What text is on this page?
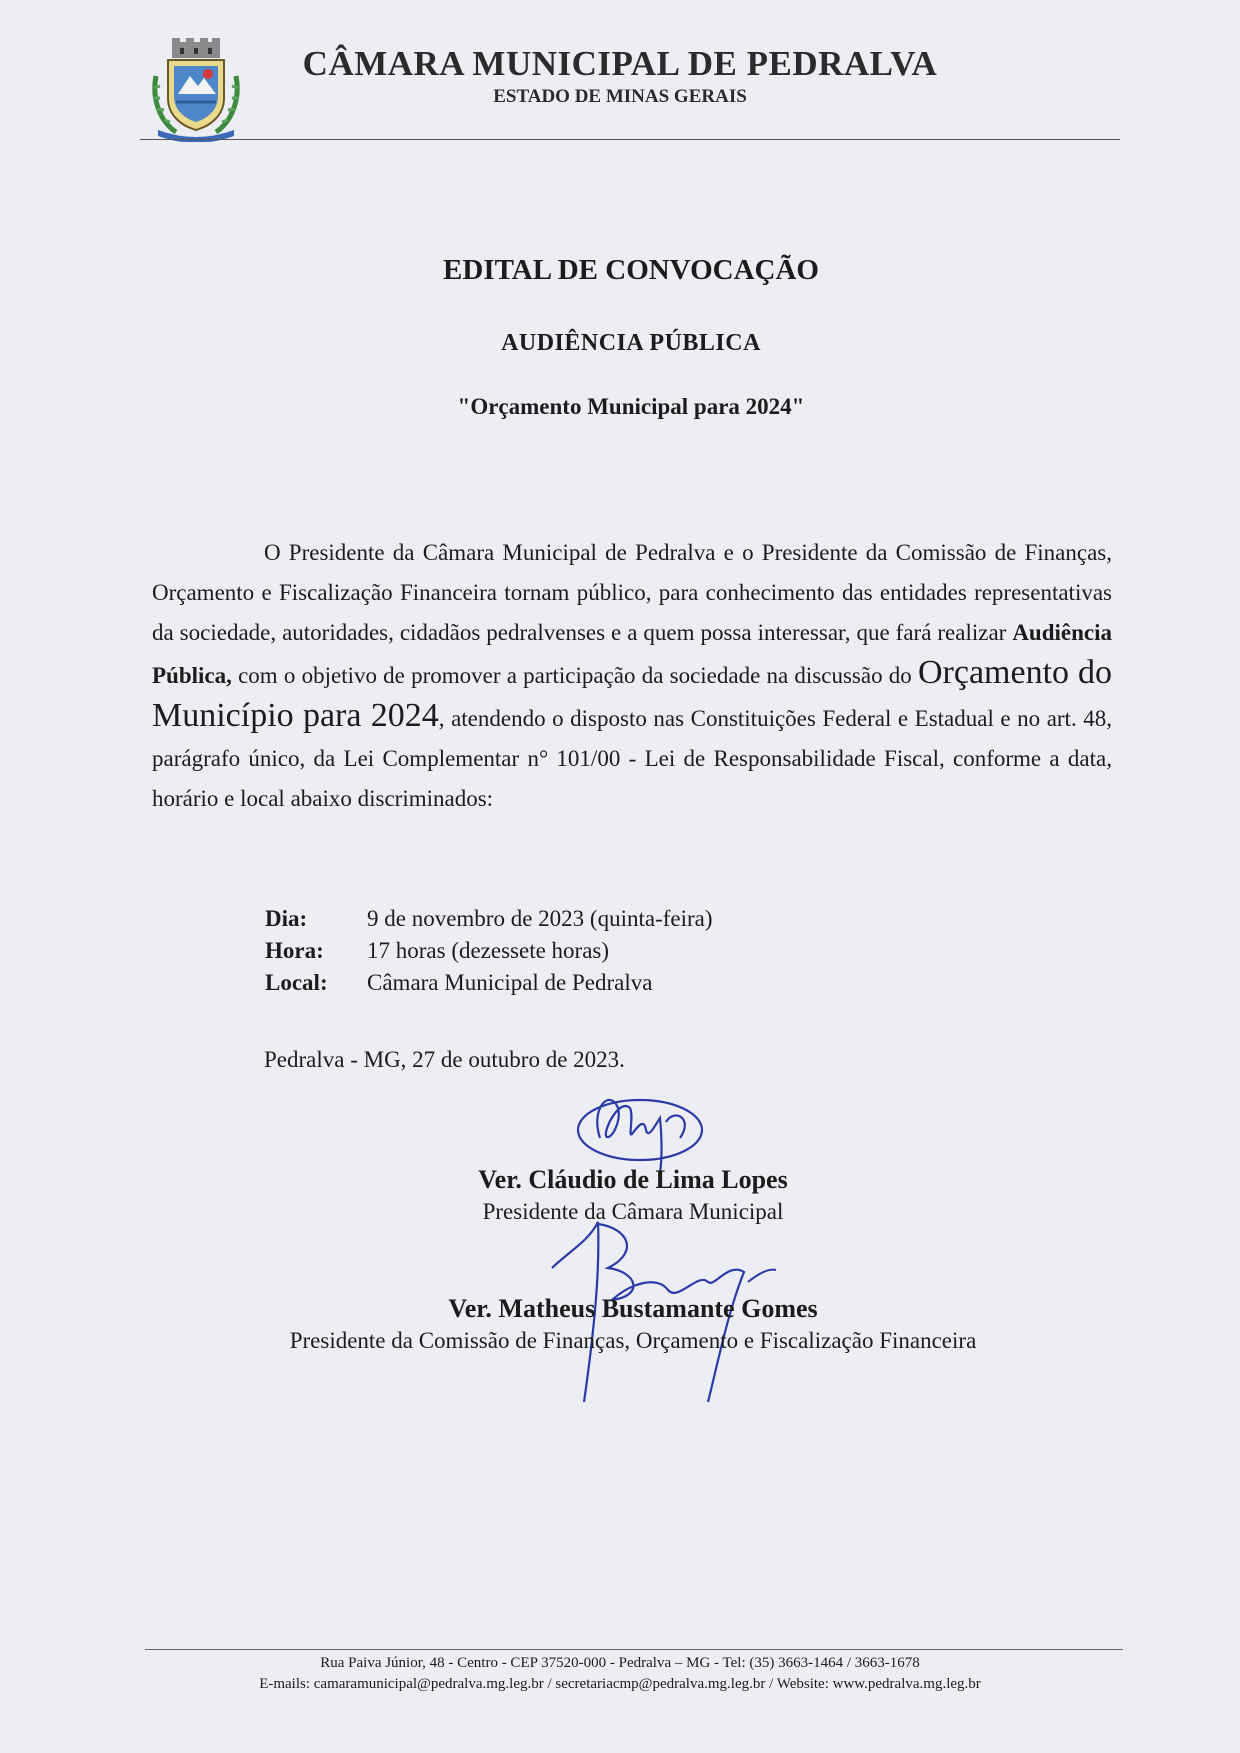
CÂMARA MUNICIPAL DE PEDRALVA
ESTADO DE MINAS GERAIS
EDITAL DE CONVOCAÇÃO
AUDIÊNCIA PÚBLICA
"Orçamento Municipal para 2024"
O Presidente da Câmara Municipal de Pedralva e o Presidente da Comissão de Finanças, Orçamento e Fiscalização Financeira tornam público, para conhecimento das entidades representativas da sociedade, autoridades, cidadãos pedralvenses e a quem possa interessar, que fará realizar Audiência Pública, com o objetivo de promover a participação da sociedade na discussão do Orçamento do Município para 2024, atendendo o disposto nas Constituições Federal e Estadual e no art. 48, parágrafo único, da Lei Complementar n° 101/00 - Lei de Responsabilidade Fiscal, conforme a data, horário e local abaixo discriminados:
Dia:	9 de novembro de 2023 (quinta-feira)
Hora:	17 horas (dezessete horas)
Local:	Câmara Municipal de Pedralva
Pedralva - MG, 27 de outubro de 2023.
Ver. Cláudio de Lima Lopes
Presidente da Câmara Municipal
Ver. Matheus Bustamante Gomes
Presidente da Comissão de Finanças, Orçamento e Fiscalização Financeira
Rua Paiva Júnior, 48 - Centro - CEP 37520-000 - Pedralva – MG - Tel: (35) 3663-1464 / 3663-1678
E-mails: camaramunicipal@pedralva.mg.leg.br / secretariacmp@pedralva.mg.leg.br / Website: www.pedralva.mg.leg.br
